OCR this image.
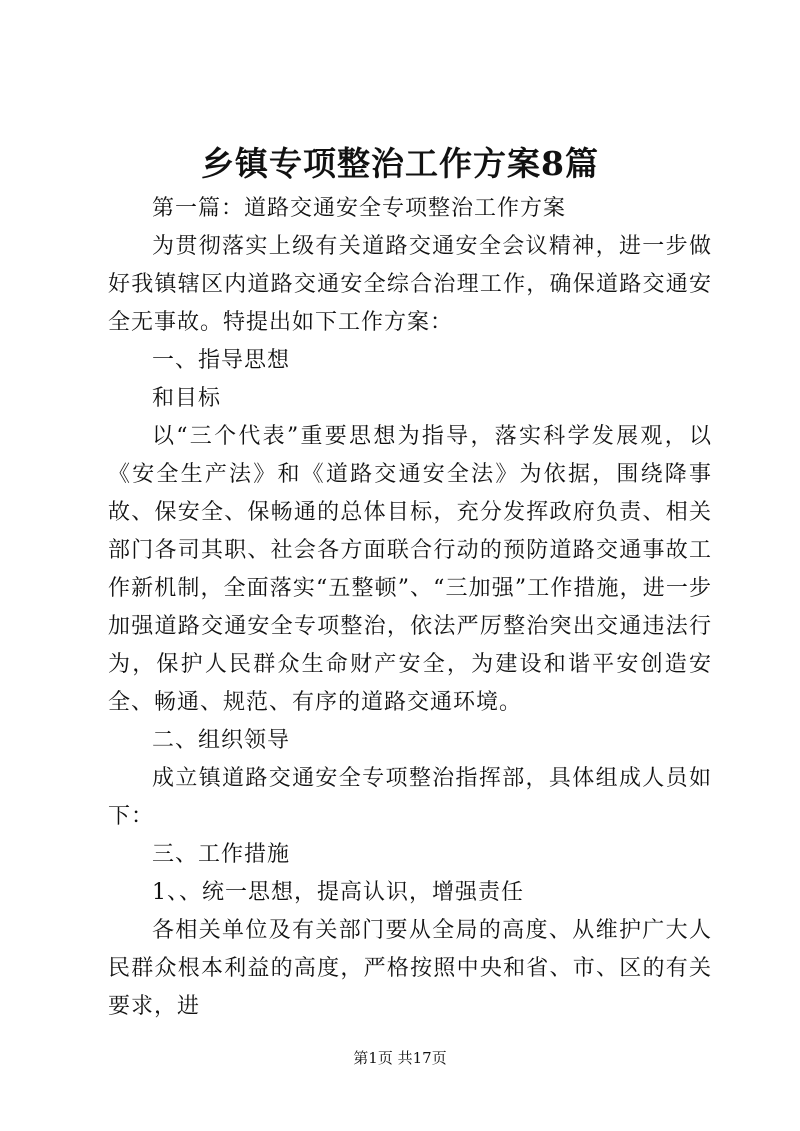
乡镇专项整治工作方案8篇

第一篇：道路交通安全专项整治工作方案

为贯彻落实上级有关道路交通安全会议精神，进一步做好我镇辖区内道路交通安全综合治理工作，确保道路交通安全无事故。特提出如下工作方案：

一、指导思想

和目标

以“三个代表”重要思想为指导，落实科学发展观，以《安全生产法》和《道路交通安全法》为依据，围绕降事故、保安全、保畅通的总体目标，充分发挥政府负责、相关部门各司其职、社会各方面联合行动的预防道路交通事故工作新机制，全面落实“五整顿”、“三加强”工作措施，进一步加强道路交通安全专项整治，依法严厉整治突出交通违法行为，保护人民群众生命财产安全，为建设和谐平安创造安全、畅通、规范、有序的道路交通环境。

二、组织领导

成立镇道路交通安全专项整治指挥部，具体组成人员如下：

三、工作措施

1、、统一思想，提高认识，增强责任

各相关单位及有关部门要从全局的高度、从维护广大人民群众根本利益的高度，严格按照中央和省、市、区的有关要求，进

第1页 共17页
